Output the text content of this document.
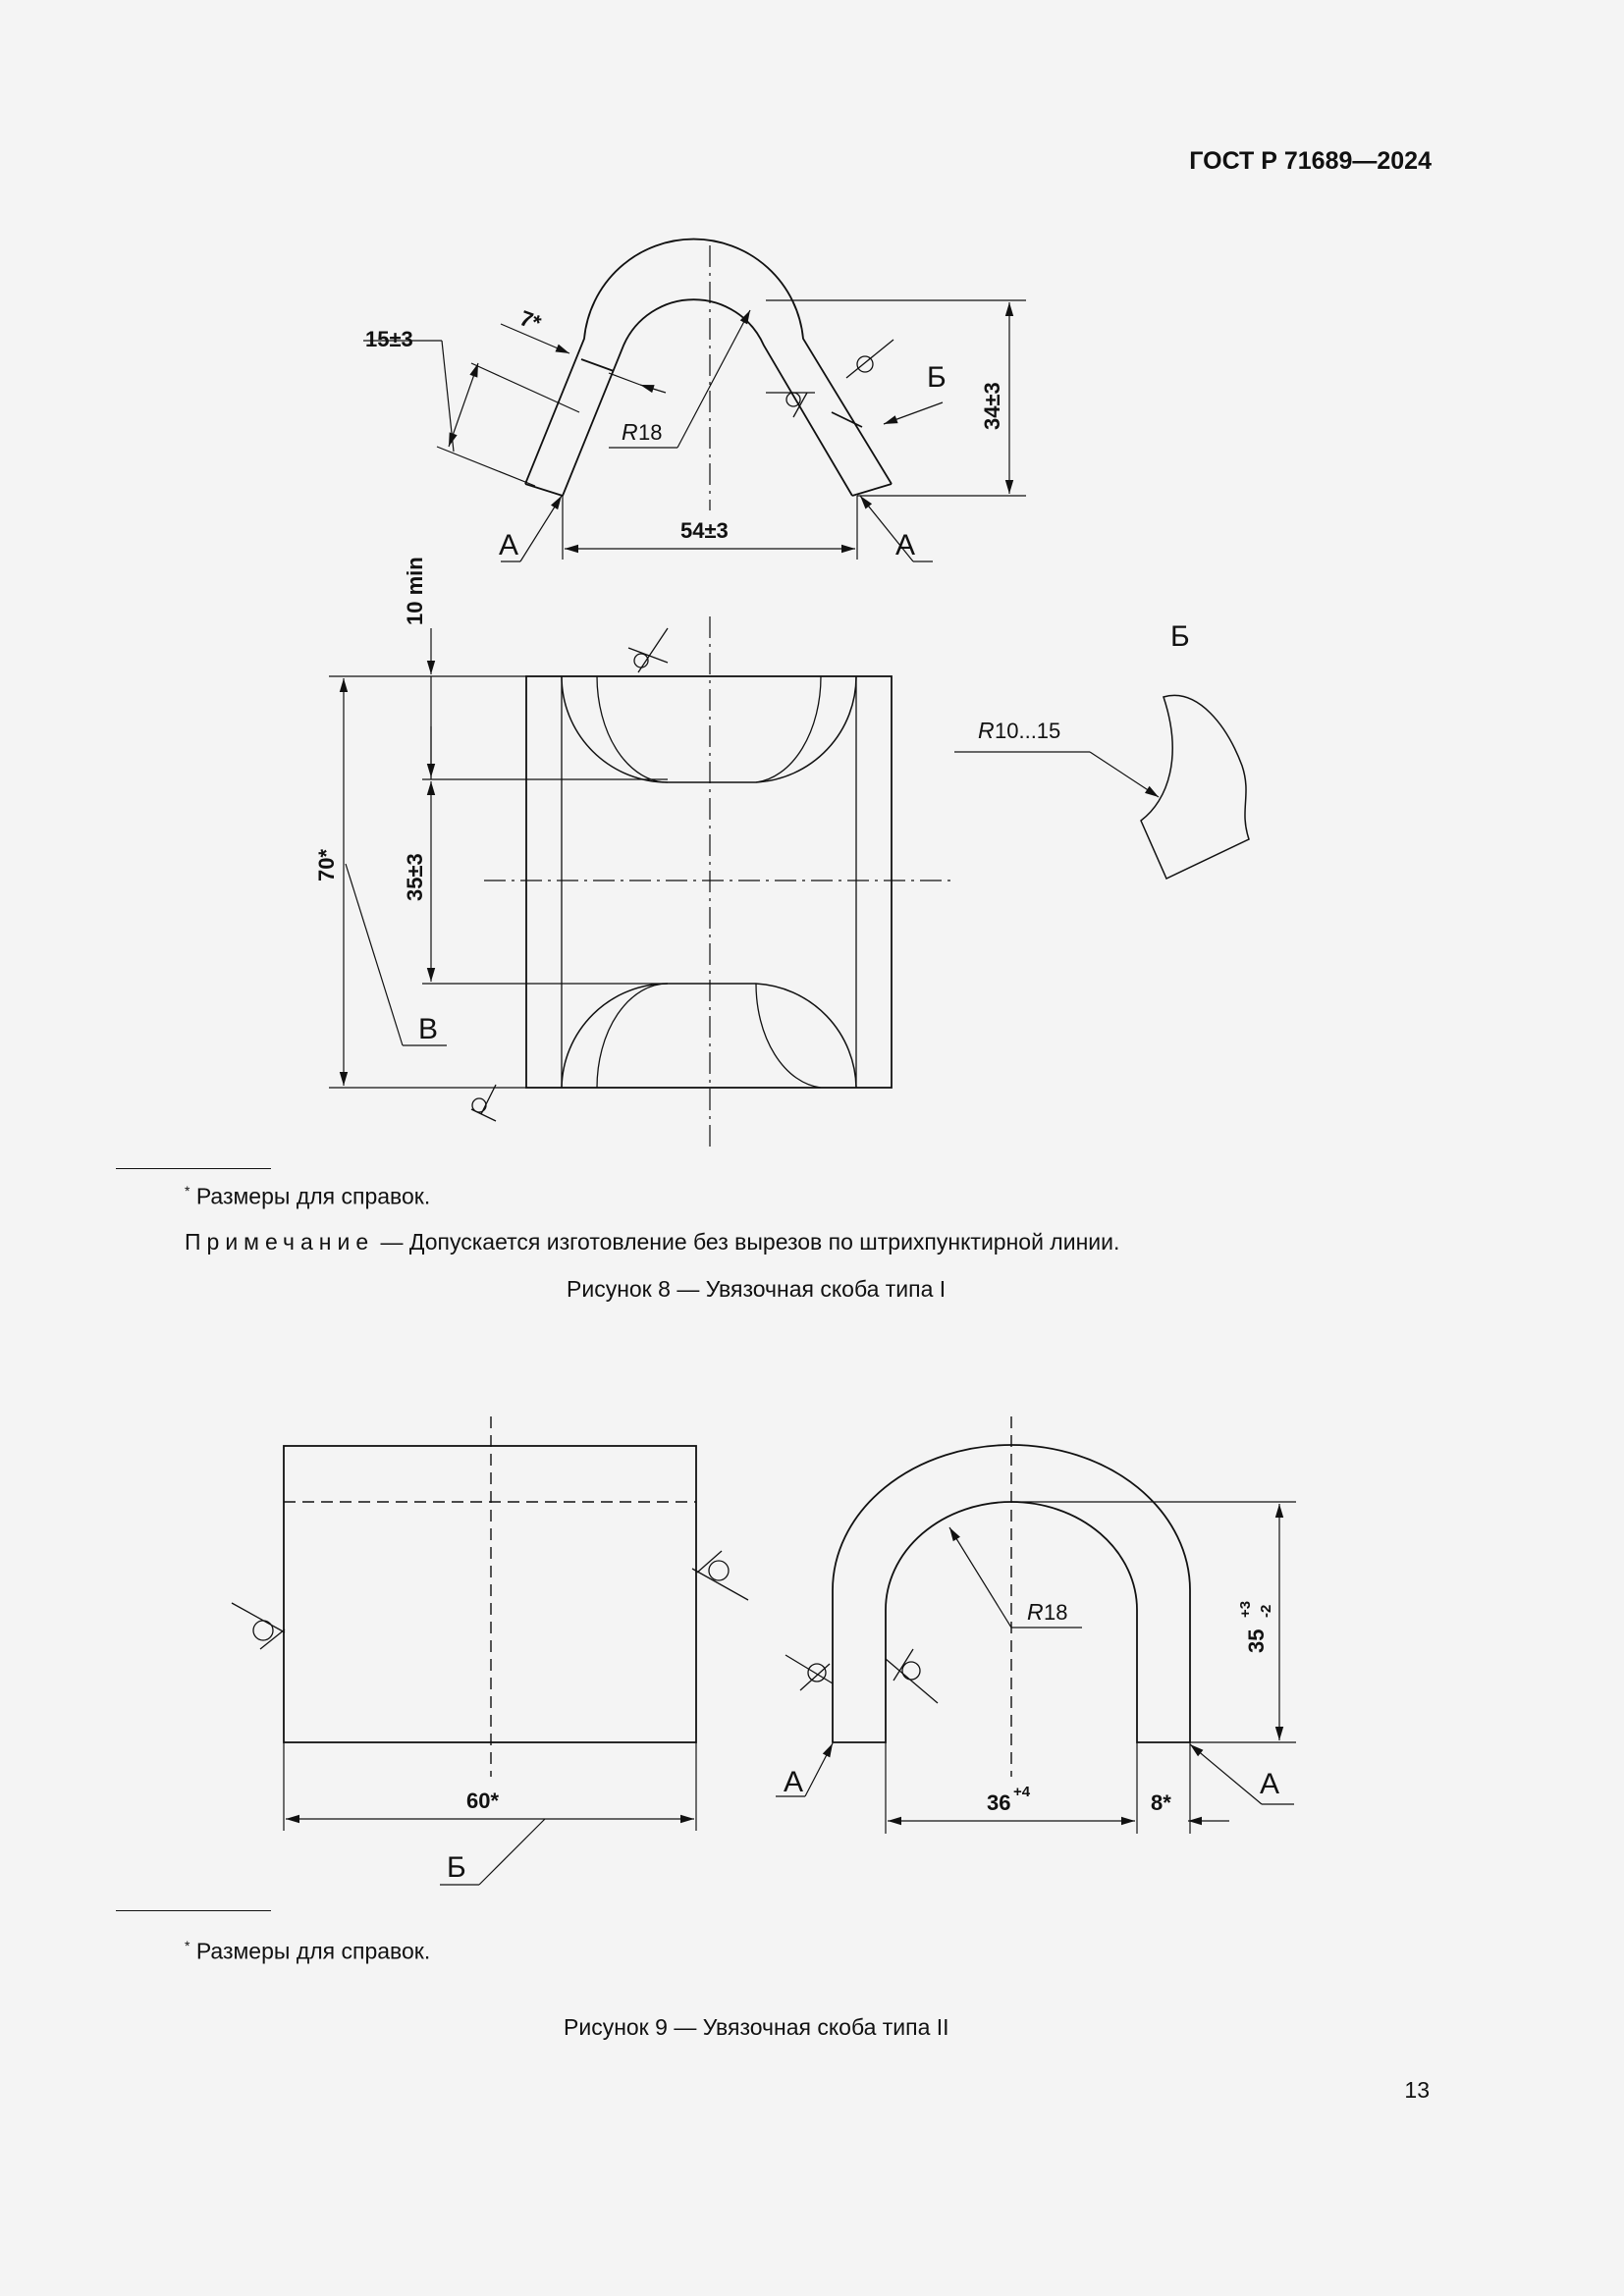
ГОСТ Р 71689—2024
15±3
7*
R 18
54±3
34±3
А	А
Б
10 min
70*	35±3
В
Б
R 10...15
60*
Б
R 18
35
+3 -2
36 +4	8*
А	А
* Размеры для справок.
Примечание — Допускается изготовление без вырезов по штрихпунктирной линии.
Рисунок 8 — Увязочная скоба типа I
* Размеры для справок.
Рисунок 9 — Увязочная скоба типа II
13
